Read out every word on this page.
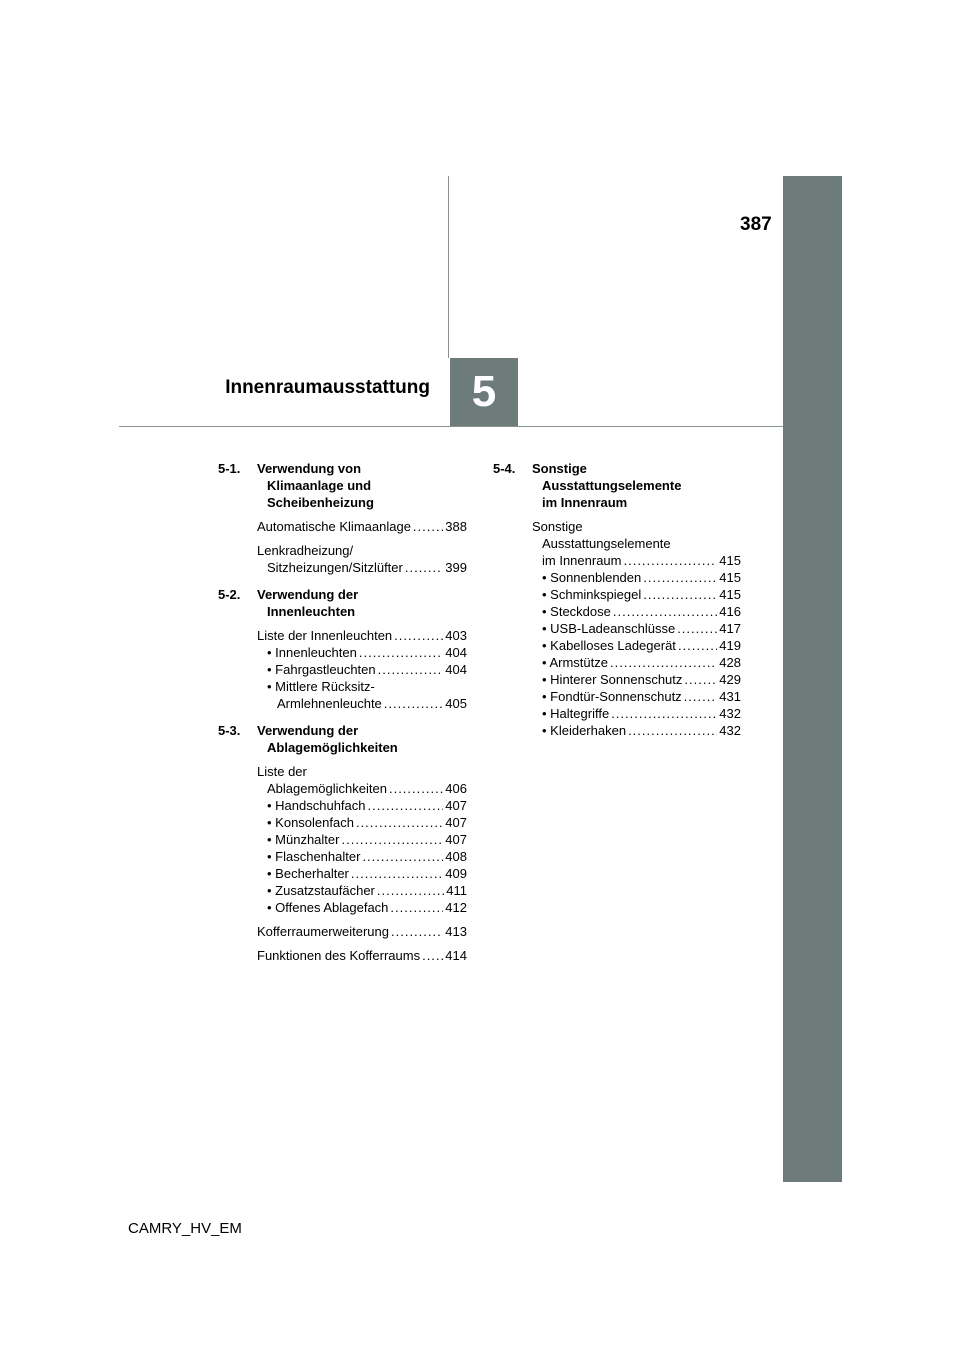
387
5
Innenraumausstattung
5-1.	Verwendung von
Klimaanlage und
Scheibenheizung
Automatische Klimaanlage .....	388
Lenkradheizung/
Sitzheizungen/Sitzlüfter .....	399
5-2.	Verwendung der
Innenleuchten
Liste der Innenleuchten .....	403
• Innenleuchten .....	404
• Fahrgastleuchten .....	404
• Mittlere Rücksitz-
Armlehnenleuchte .....	405
5-3.	Verwendung der
Ablagemöglichkeiten
Liste der
Ablagemöglichkeiten .....	406
• Handschuhfach .....	407
• Konsolenfach .....	407
• Münzhalter .....	407
• Flaschenhalter .....	408
• Becherhalter .....	409
• Zusatzstaufächer .....	411
• Offenes Ablagefach .....	412
Kofferraumerweiterung .....	413
Funktionen des Kofferraums ..... 414
5-4.	Sonstige
Ausstattungselemente
im Innenraum
Sonstige
Ausstattungselemente
im Innenraum .....	415
• Sonnenblenden .....	415
• Schminkspiegel .....	415
• Steckdose .....	416
• USB-Ladeanschlüsse .....	417
• Kabelloses Ladegerät .....	419
• Armstütze .....	428
• Hinterer Sonnenschutz .....	429
• Fondtür-Sonnenschutz .....	431
• Haltegriffe .....	432
• Kleiderhaken .....	432
CAMRY_HV_EM
